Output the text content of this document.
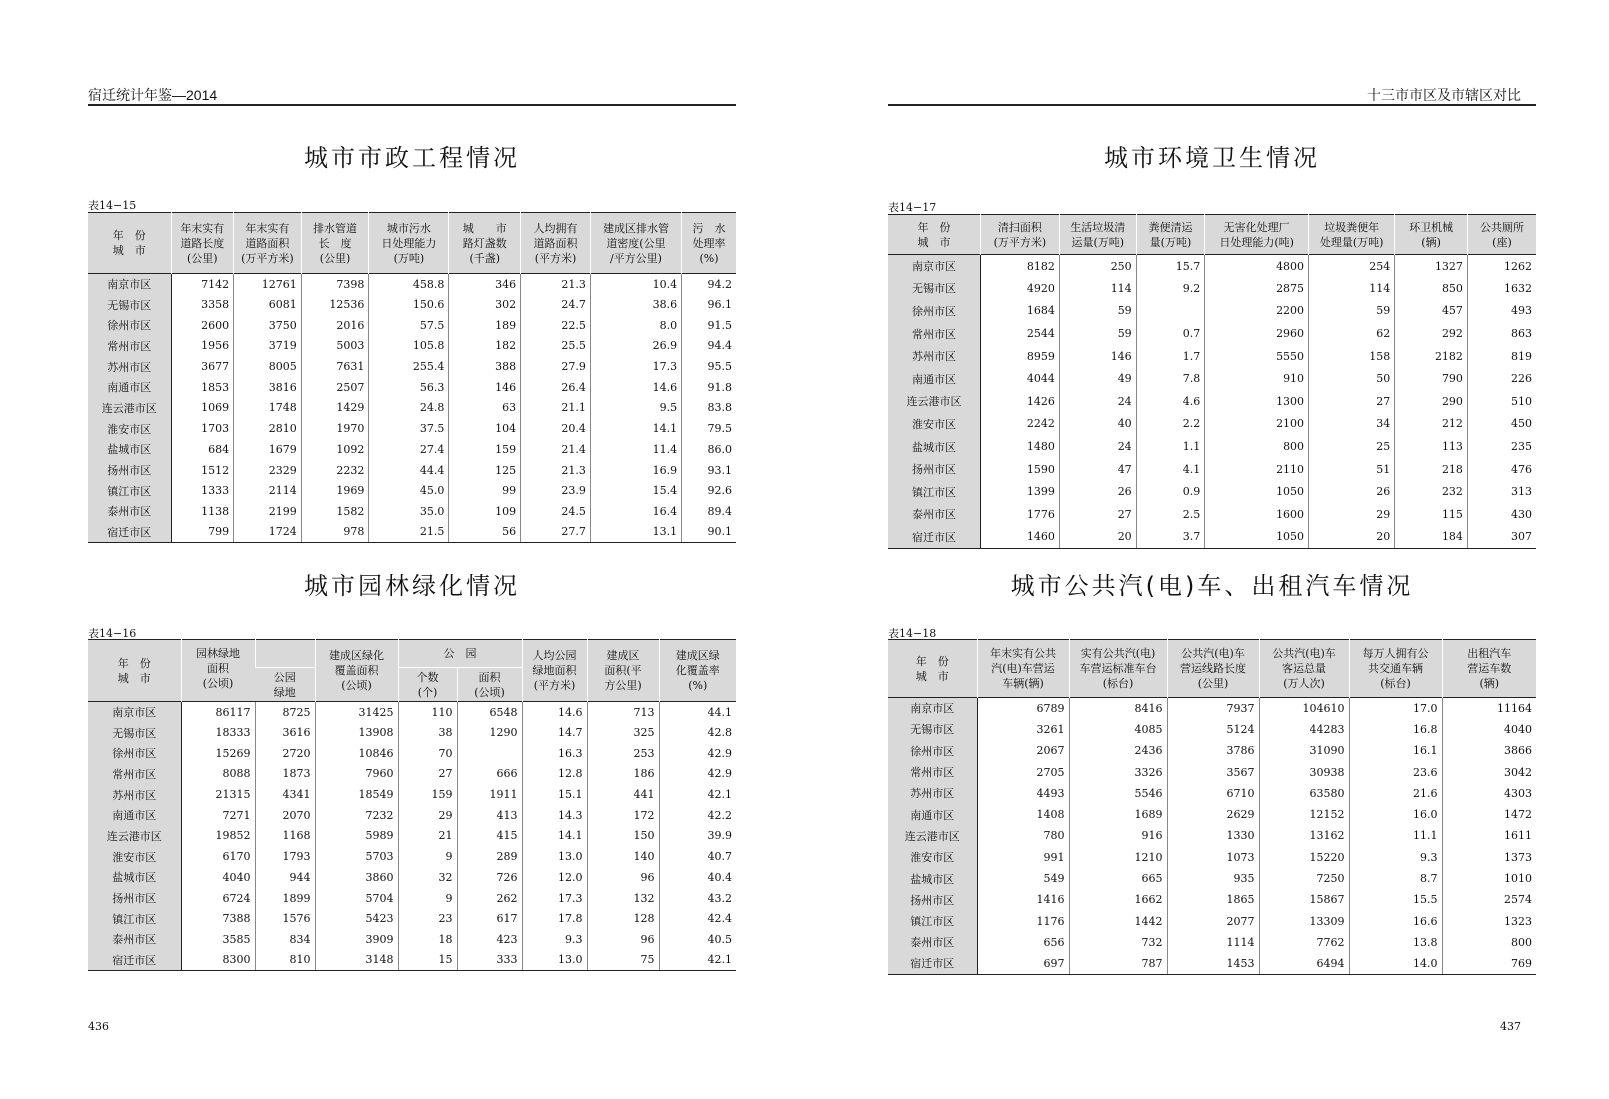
宿迁统计年鉴—2014
城市市政工程情况
表14−15
年　份
城　市	年末实有
道路长度
(公里)	年末实有
道路面积
(万平方米)	排水管道
长　度
(公里)	城市污水
日处理能力
(万吨)	城　　市
路灯盏数
(千盏)	人均拥有
道路面积
(平方米)	建成区排水管
道密度(公里
/平方公里)	污　水
处理率
(%)
南京市区	7142	12761	7398	458.8	346	21.3	10.4	94.2
无锡市区	3358	6081	12536	150.6	302	24.7	38.6	96.1
徐州市区	2600	3750	2016	57.5	189	22.5	8.0	91.5
常州市区	1956	3719	5003	105.8	182	25.5	26.9	94.4
苏州市区	3677	8005	7631	255.4	388	27.9	17.3	95.5
南通市区	1853	3816	2507	56.3	146	26.4	14.6	91.8
连云港市区	1069	1748	1429	24.8	63	21.1	9.5	83.8
淮安市区	1703	2810	1970	37.5	104	20.4	14.1	79.5
盐城市区	684	1679	1092	27.4	159	21.4	11.4	86.0
扬州市区	1512	2329	2232	44.4	125	21.3	16.9	93.1
镇江市区	1333	2114	1969	45.0	99	23.9	15.4	92.6
泰州市区	1138	2199	1582	35.0	109	24.5	16.4	89.4
宿迁市区	799	1724	978	21.5	56	27.7	13.1	90.1
城市园林绿化情况
表14−16
年　份
城　市	园林绿地
面积
(公顷)		建成区绿化
覆盖面积
(公顷)	公　园		人均公园
绿地面积
(平方米)	建成区
面积(平
方公里)	建成区绿
化覆盖率
(%)
		公园
绿地		个数
(个)	面积
(公顷)			
南京市区	86117	8725	31425	110	6548	14.6	713	44.1
无锡市区	18333	3616	13908	38	1290	14.7	325	42.8
徐州市区	15269	2720	10846	70		16.3	253	42.9
常州市区	8088	1873	7960	27	666	12.8	186	42.9
苏州市区	21315	4341	18549	159	1911	15.1	441	42.1
南通市区	7271	2070	7232	29	413	14.3	172	42.2
连云港市区	19852	1168	5989	21	415	14.1	150	39.9
淮安市区	6170	1793	5703	9	289	13.0	140	40.7
盐城市区	4040	944	3860	32	726	12.0	96	40.4
扬州市区	6724	1899	5704	9	262	17.3	132	43.2
镇江市区	7388	1576	5423	23	617	17.8	128	42.4
泰州市区	3585	834	3909	18	423	9.3	96	40.5
宿迁市区	8300	810	3148	15	333	13.0	75	42.1
436
十三市市区及市辖区对比
城市环境卫生情况
表14−17
年　份
城　市	清扫面积
(万平方米)	生活垃圾清
运量(万吨)	粪便清运
量(万吨)	无害化处理厂
日处理能力(吨)	垃圾粪便年
处理量(万吨)	环卫机械
(辆)	公共厕所
(座)
南京市区	8182	250	15.7	4800	254	1327	1262
无锡市区	4920	114	9.2	2875	114	850	1632
徐州市区	1684	59		2200	59	457	493
常州市区	2544	59	0.7	2960	62	292	863
苏州市区	8959	146	1.7	5550	158	2182	819
南通市区	4044	49	7.8	910	50	790	226
连云港市区	1426	24	4.6	1300	27	290	510
淮安市区	2242	40	2.2	2100	34	212	450
盐城市区	1480	24	1.1	800	25	113	235
扬州市区	1590	47	4.1	2110	51	218	476
镇江市区	1399	26	0.9	1050	26	232	313
泰州市区	1776	27	2.5	1600	29	115	430
宿迁市区	1460	20	3.7	1050	20	184	307
城市公共汽(电)车、出租汽车情况
表14−18
年　份
城　市	年末实有公共
汽(电)车营运
车辆(辆)	实有公共汽(电)
车营运标准车台
(标台)	公共汽(电)车
营运线路长度
(公里)	公共汽(电)车
客运总量
(万人次)	每万人拥有公
共交通车辆
(标台)	出租汽车
营运车数
(辆)
南京市区	6789	8416	7937	104610	17.0	11164
无锡市区	3261	4085	5124	44283	16.8	4040
徐州市区	2067	2436	3786	31090	16.1	3866
常州市区	2705	3326	3567	30938	23.6	3042
苏州市区	4493	5546	6710	63580	21.6	4303
南通市区	1408	1689	2629	12152	16.0	1472
连云港市区	780	916	1330	13162	11.1	1611
淮安市区	991	1210	1073	15220	9.3	1373
盐城市区	549	665	935	7250	8.7	1010
扬州市区	1416	1662	1865	15867	15.5	2574
镇江市区	1176	1442	2077	13309	16.6	1323
泰州市区	656	732	1114	7762	13.8	800
宿迁市区	697	787	1453	6494	14.0	769
437
